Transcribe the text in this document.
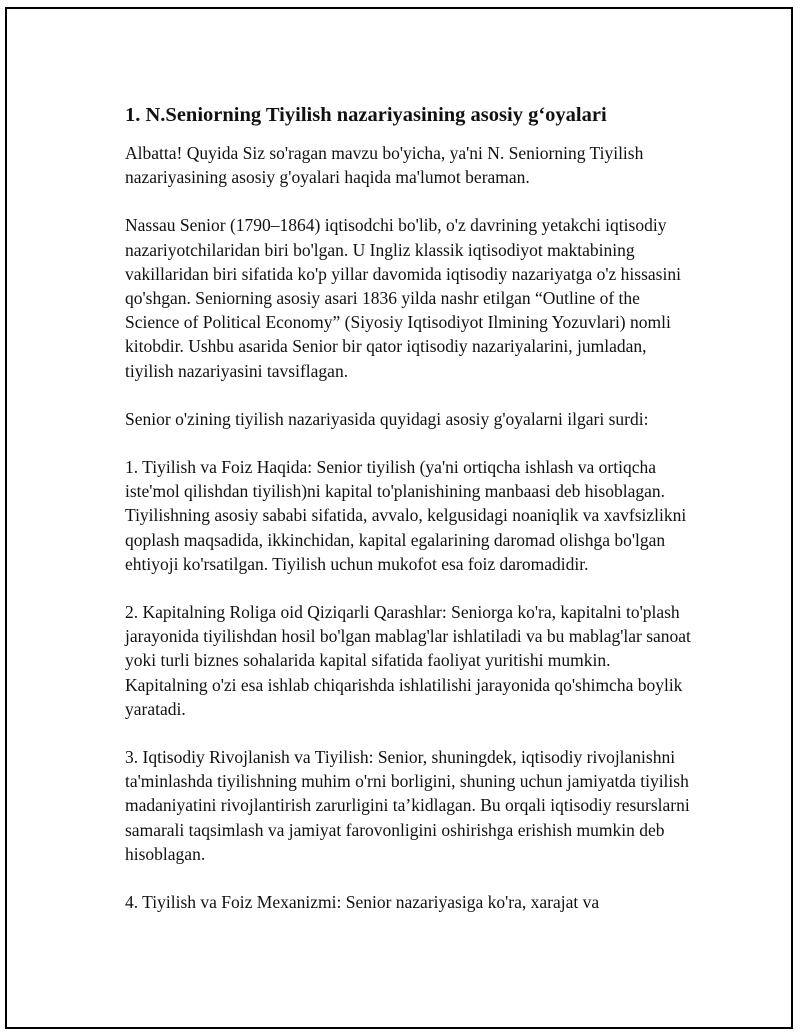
1. N.Seniorning Tiyilish nazariyasining asosiy g‘oyalari

Albatta! Quyida Siz so'ragan mavzu bo'yicha, ya'ni N. Seniorning Tiyilish nazariyasining asosiy g'oyalari haqida ma'lumot beraman.

Nassau Senior (1790–1864) iqtisodchi bo'lib, o'z davrining yetakchi iqtisodiy nazariyotchilaridan biri bo'lgan. U Ingliz klassik iqtisodiyot maktabining vakillaridan biri sifatida ko'p yillar davomida iqtisodiy nazariyatga o'z hissasini qo'shgan. Seniorning asosiy asari 1836 yilda nashr etilgan “Outline of the Science of Political Economy” (Siyosiy Iqtisodiyot Ilmining Yozuvlari) nomli kitobdir. Ushbu asarida Senior bir qator iqtisodiy nazariyalarini, jumladan, tiyilish nazariyasini tavsiflagan.

Senior o'zining tiyilish nazariyasida quyidagi asosiy g'oyalarni ilgari surdi:

1. Tiyilish va Foiz Haqida: Senior tiyilish (ya'ni ortiqcha ishlash va ortiqcha iste'mol qilishdan tiyilish)ni kapital to'planishining manbaasi deb hisoblagan. Tiyilishning asosiy sababi sifatida, avvalo, kelgusidagi noaniqlik va xavfsizlikni qoplash maqsadida, ikkinchidan, kapital egalarining daromad olishga bo'lgan ehtiyoji ko'rsatilgan. Tiyilish uchun mukofot esa foiz daromadidir.

2. Kapitalning Roliga oid Qiziqarli Qarashlar: Seniorga ko'ra, kapitalni to'plash jarayonida tiyilishdan hosil bo'lgan mablag'lar ishlatiladi va bu mablag'lar sanoat yoki turli biznes sohalarida kapital sifatida faoliyat yuritishi mumkin. Kapitalning o'zi esa ishlab chiqarishda ishlatilishi jarayonida qo'shimcha boylik yaratadi.

3. Iqtisodiy Rivojlanish va Tiyilish: Senior, shuningdek, iqtisodiy rivojlanishni ta'minlashda tiyilishning muhim o'rni borligini, shuning uchun jamiyatda tiyilish madaniyatini rivojlantirish zarurligini ta’kidlagan. Bu orqali iqtisodiy resurslarni samarali taqsimlash va jamiyat farovonligini oshirishga erishish mumkin deb hisoblagan.

4. Tiyilish va Foiz Mexanizmi: Senior nazariyasiga ko'ra, xarajat va
